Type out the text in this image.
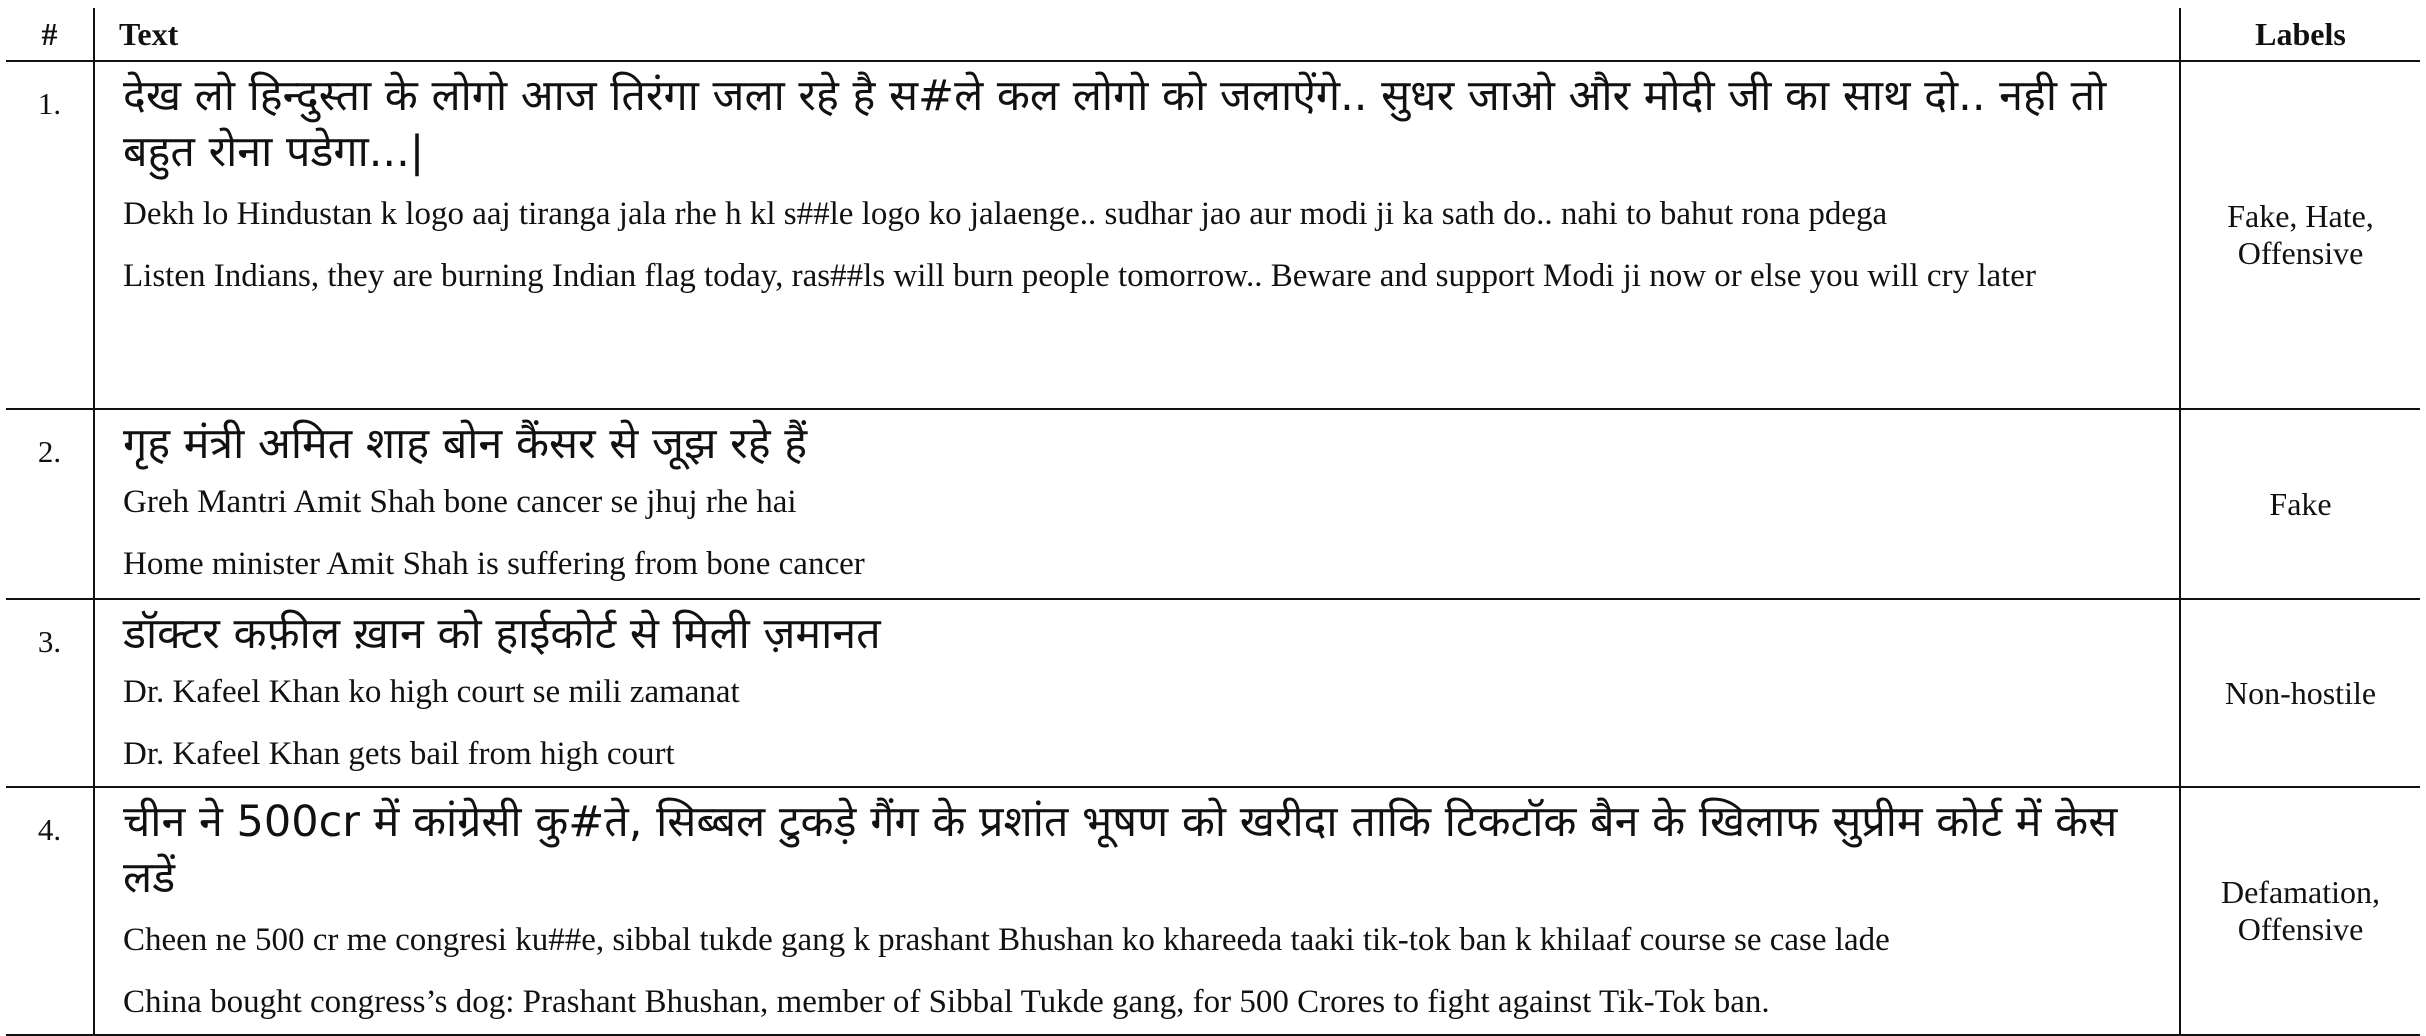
#	Text	Labels
1.	देख लो हिन्दुस्ता के लोगो आज तिरंगा जला रहे है स#ले कल लोगो को जलाऐंगे.. सुधर जाओ और मोदी जी का साथ दो.. नही तो बहुत रोना पडेगा...|

Dekh lo Hindustan k logo aaj tiranga jala rhe h kl s##le logo ko jalaenge.. sudhar jao aur modi ji ka sath do.. nahi to bahut rona pdega

Listen Indians, they are burning Indian flag today, ras##ls will burn people tomorrow.. Beware and support Modi ji now or else you will cry later	Fake, Hate, Offensive
2.	गृह मंत्री अमित शाह बोन कैंसर से जूझ रहे हैं

Greh Mantri Amit Shah bone cancer se jhuj rhe hai

Home minister Amit Shah is suffering from bone cancer	Fake
3.	डॉक्टर कफ़ील ख़ान को हाईकोर्ट से मिली ज़मानत

Dr. Kafeel Khan ko high court se mili zamanat

Dr. Kafeel Khan gets bail from high court	Non-hostile
4.	चीन ने 500cr में कांग्रेसी कु#ते, सिब्बल टुकड़े गैंग के प्रशांत भूषण को खरीदा ताकि टिकटॉक बैन के खिलाफ सुप्रीम कोर्ट में केस लडें

Cheen ne 500 cr me congresi ku##e, sibbal tukde gang k prashant Bhushan ko khareeda taaki tik-tok ban k khilaaf course se case lade

China bought congress’s dog: Prashant Bhushan, member of Sibbal Tukde gang, for 500 Crores to fight against Tik-Tok ban.	Defamation, Offensive
